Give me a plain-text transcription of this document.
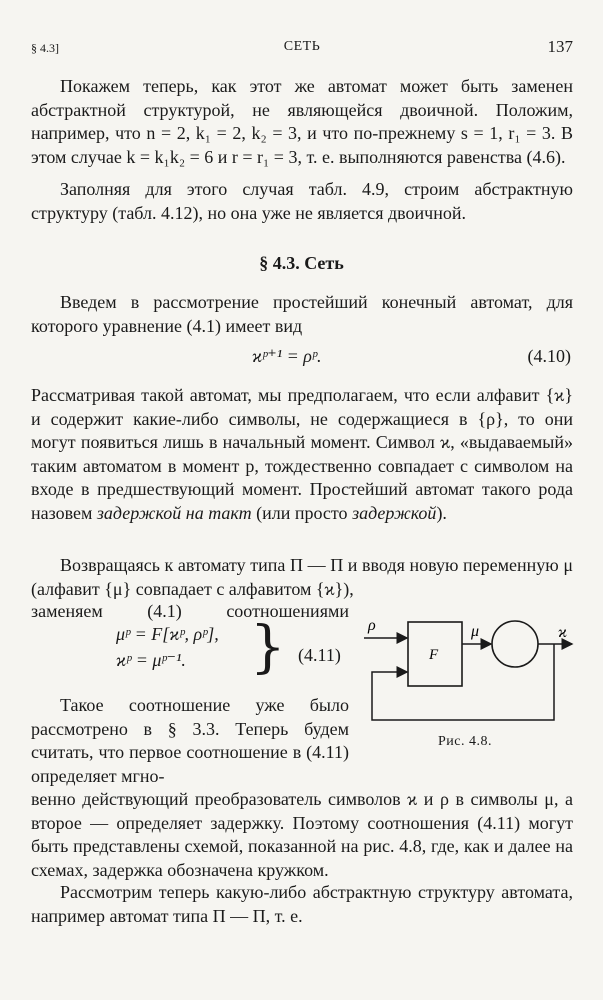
§ 4.3]	СЕТЬ	137
Покажем теперь, как этот же автомат может быть заменен абстрактной структурой, не являющейся двоичной. Положим, например, что n = 2, k₁ = 2, k₂ = 3, и что по-прежнему s = 1, r₁ = 3. В этом случае k = k₁k₂ = 6 и r = r₁ = 3, т. е. выполняются равенства (4.6).
Заполняя для этого случая табл. 4.9, строим абстрактную структуру (табл. 4.12), но она уже не является двоичной.
§ 4.3. Сеть
Введем в рассмотрение простейший конечный автомат, для которого уравнение (4.1) имеет вид
ϰᵖ⁺¹ = ρᵖ.	(4.10)
Рассматривая такой автомат, мы предполагаем, что если алфавит {ϰ} и содержит какие-либо символы, не содержащиеся в {ρ}, то они могут появиться лишь в начальный момент. Символ ϰ, «выдаваемый» таким автоматом в момент p, тождественно совпадает с символом на входе в предшествующий момент. Простейший автомат такого рода назовем задержкой на такт (или просто задержкой).
Возвращаясь к автомату типа П — П и вводя новую переменную μ (алфавит {μ} совпадает с алфавитом {ϰ}),
заменяем (4.1) соотношениями
μᵖ = F[ϰᵖ, ρᵖ],
ϰᵖ = μᵖ⁻¹. } (4.11)	F
ρ	μ	ϰ
Рис. 4.8.
Такое соотношение уже было рассмотрено в § 3.3. Теперь будем считать, что первое соотношение в (4.11) определяет мгно-
венно действующий преобразователь символов ϰ и ρ в символы μ, а второе — определяет задержку. Поэтому соотношения (4.11) могут быть представлены схемой, показанной на рис. 4.8, где, как и далее на схемах, задержка обозначена кружком.
Рассмотрим теперь какую-либо абстрактную структуру автомата, например автомат типа П — П, т. е.
